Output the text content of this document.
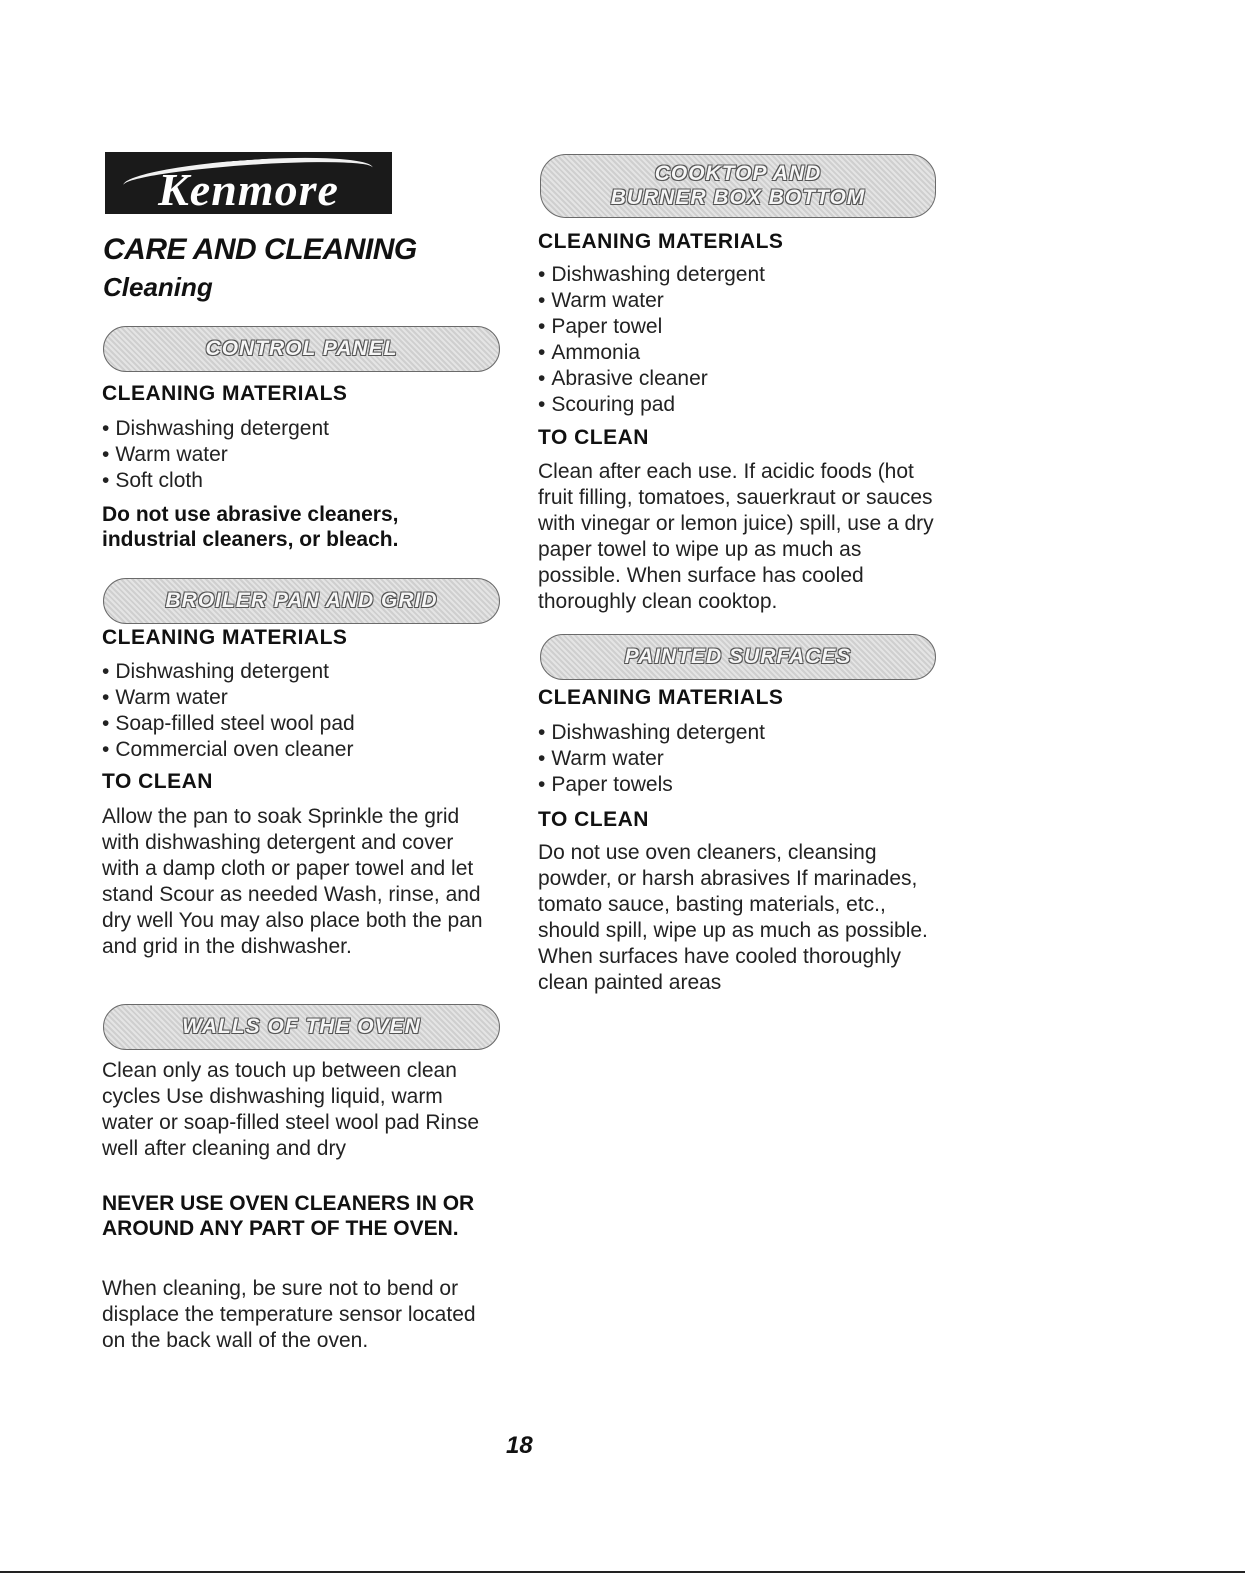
Kenmore
CARE AND CLEANING
Cleaning
CONTROL PANEL
CLEANING MATERIALS
• Dishwashing detergent
• Warm water
• Soft cloth

Do not use abrasive cleaners, industrial cleaners, or bleach.

BROILER PAN AND GRID
CLEANING MATERIALS
• Dishwashing detergent
• Warm water
• Soap-filled steel wool pad
• Commercial oven cleaner
TO CLEAN

Allow the pan to soak Sprinkle the grid with dishwashing detergent and cover with a damp cloth or paper towel and let stand Scour as needed Wash, rinse, and dry well You may also place both the pan and grid in the dishwasher.

WALLS OF THE OVEN

Clean only as touch up between clean cycles Use dishwashing liquid, warm water or soap-filled steel wool pad Rinse well after cleaning and dry

NEVER USE OVEN CLEANERS IN OR AROUND ANY PART OF THE OVEN.

When cleaning, be sure not to bend or displace the temperature sensor located on the back wall of the oven.

COOKTOP AND
BURNER BOX BOTTOM
CLEANING MATERIALS
• Dishwashing detergent
• Warm water
• Paper towel
• Ammonia
• Abrasive cleaner
• Scouring pad
TO CLEAN

Clean after each use. If acidic foods (hot fruit filling, tomatoes, sauerkraut or sauces with vinegar or lemon juice) spill, use a dry paper towel to wipe up as much as possible. When surface has cooled thoroughly clean cooktop.

PAINTED SURFACES
CLEANING MATERIALS
• Dishwashing detergent
• Warm water
• Paper towels
TO CLEAN

Do not use oven cleaners, cleansing powder, or harsh abrasives If marinades, tomato sauce, basting materials, etc., should spill, wipe up as much as possible. When surfaces have cooled thoroughly clean painted areas

18
